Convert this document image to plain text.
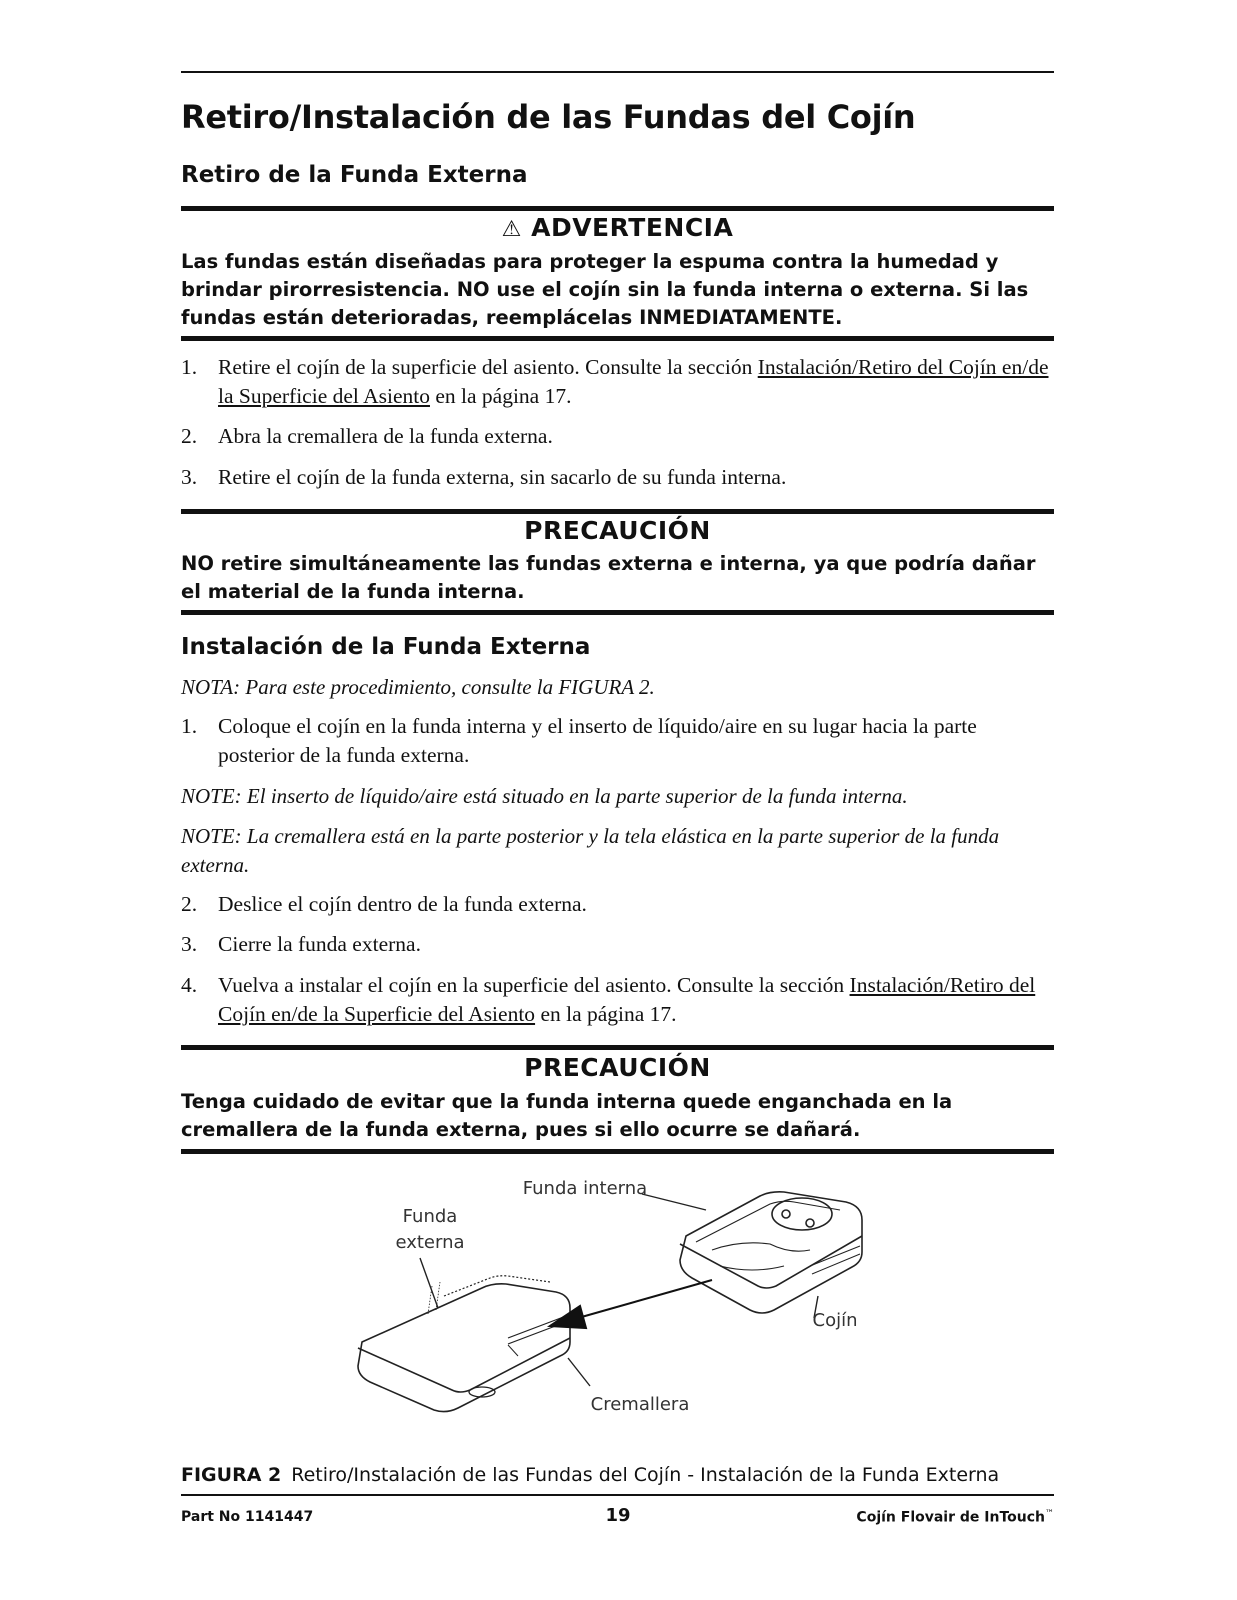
Retiro/Instalación de las Fundas del Cojín
Retiro de la Funda Externa
⚠ ADVERTENCIA
Las fundas están diseñadas para proteger la espuma contra la humedad y
brindar pirorresistencia. NO use el cojín sin la funda interna o externa. Si las
fundas están deterioradas, reemplácelas INMEDIATAMENTE.
1. Retire el cojín de la superficie del asiento. Consulte la sección Instalación/Retiro del Cojín en/de la Superficie del Asiento en la página 17.
2. Abra la cremallera de la funda externa.
3. Retire el cojín de la funda externa, sin sacarlo de su funda interna.
PRECAUCIÓN
NO retire simultáneamente las fundas externa e interna, ya que podría dañar
el material de la funda interna.
Instalación de la Funda Externa
NOTA: Para este procedimiento, consulte la FIGURA 2.
1. Coloque el cojín en la funda interna y el inserto de líquido/aire en su lugar hacia la parte posterior de la funda externa.
NOTE: El inserto de líquido/aire está situado en la parte superior de la funda interna.
NOTE: La cremallera está en la parte posterior y la tela elástica en la parte superior de la funda externa.
2. Deslice el cojín dentro de la funda externa.
3. Cierre la funda externa.
4. Vuelva a instalar el cojín en la superficie del asiento. Consulte la sección Instalación/Retiro del Cojín en/de la Superficie del Asiento en la página 17.
PRECAUCIÓN
Tenga cuidado de evitar que la funda interna quede enganchada en la
cremallera de la funda externa, pues si ello ocurre se dañará.
Funda interna
Funda
externa
Cojín
Cremallera
FIGURA 2 Retiro/Instalación de las Fundas del Cojín - Instalación de la Funda Externa
Part No 1141447	19	Cojín Flovair de InTouch™
